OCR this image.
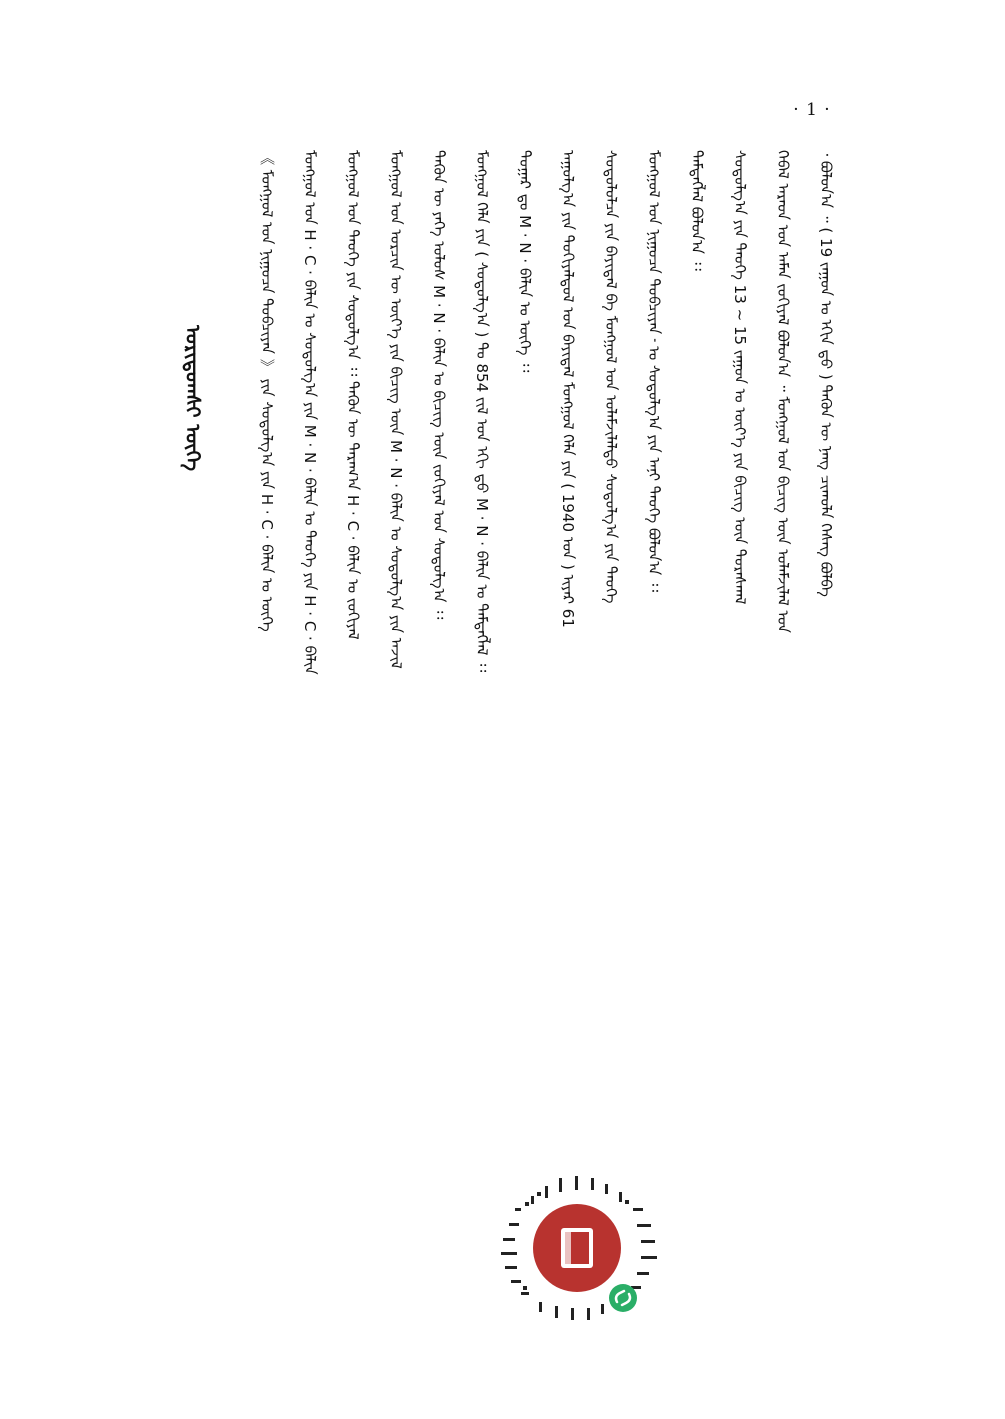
· 1 ·
ᠤᠷᠢᠳᠤᠭᠰᠢ ᠦᠭᠡ	《 ᠮᠣᠩᠭᠣᠯ ᠤᠨ ᠨᠢᠭᠤᠴᠠ ᠲᠣᠪᠴᠢᠶᠠᠨ 》 ᠶᠢᠨ ᠰᠤᠳᠤᠯᠭ᠎ᠠ ᠶᠢᠨ H · C · ᠪᠠᠯᠢᠨ ᠤ ᠦᠭᠡ	ᠮᠣᠩᠭᠣᠯ ᠤᠨ H · C · ᠪᠠᠯᠢᠨ ᠤ ᠰᠤᠳᠤᠯᠭ᠎ᠠ ᠶᠢᠨ M · N · ᠪᠠᠯᠢᠨ ᠤ ᠲᠡᠦᠬᠡ ᠶᠢᠨ H · C · ᠪᠠᠯᠢᠨ	ᠮᠣᠩᠭᠣᠯ ᠤᠨ ᠲᠡᠦᠬᠡ ᠶᠢᠨ ᠰᠤᠳᠤᠯᠭ᠎ᠠ ᠄᠄ ᠲᠡᠭᠦᠨ ᠦ ᠳᠠᠷᠠᠭ᠎ᠠ H · C · ᠪᠠᠯᠢᠨ ᠤ ᠵᠣᠬᠢᠶᠠᠯ	ᠮᠣᠩᠭᠣᠯ ᠤᠨ ᠣᠷᠴᠢᠨ ᠦ ᠦᠶ᠎ᠡ ᠶᠢᠨ ᠪᠢᠴᠢᠭ᠌ ᠦᠨ M · N · ᠪᠠᠯᠢᠨ ᠤ ᠰᠤᠳᠤᠯᠭ᠎ᠠ ᠶᠢᠨ ᠠᠵᠢᠯ	ᠲᠡᠭᠦᠨ ᠦ ᠶᠡᠬᠡ ᠤᠯᠤᠰ M · N · ᠪᠠᠯᠢᠨ ᠤ ᠪᠢᠴᠢᠭ᠌ ᠦᠨ ᠵᠣᠬᠢᠶᠠᠯ ᠤᠨ ᠰᠤᠳᠤᠯᠭ᠎ᠠ ᠄᠄	ᠮᠣᠩᠭᠣᠯ ᠬᠡᠯᠡ ᠶᠢᠨ ( ᠰᠤᠳᠤᠯᠭ᠎ᠠ ) ᠲᠤ 854 ᠵᠢᠯ ᠤᠨ ᠡᠬᠢ ᠳ᠋ᠦ M · N · ᠪᠠᠯᠢᠨ ᠤ ᠲᠡᠮᠳᠡᠭᠯᠡᠯ ᠄᠄	ᠳᠤᠭᠠᠷ ᠳᠤ M · N · ᠪᠠᠯᠢᠨ ᠤ ᠦᠭᠡ ᠄᠄	ᠠᠭᠤᠯᠭ᠎ᠠ ᠶᠢᠨ ᠲᠣᠬᠢᠶᠠᠯᠳᠤᠯ ᠤᠨ ᠪᠠᠶᠢᠳᠠᠯ ᠮᠣᠩᠭᠣᠯ ᠬᠡᠯᠡ ᠶᠢᠨ ( 1940 ᠣᠨ ) ᠢᠶᠠᠷ 61	ᠰᠤᠳᠤᠯᠤᠯᠴᠠ ᠶᠢᠨ ᠪᠠᠶᠢᠳᠠᠯ ᠪᠠ ᠮᠣᠩᠭᠣᠯ ᠤᠨ ᠤᠯᠠᠮᠵᠢᠯᠠᠯᠲᠤ ᠰᠤᠳᠤᠯᠭ᠎ᠠ ᠶᠢᠨ ᠲᠡᠦᠬᠡ	ᠮᠣᠩᠭᠣᠯ ᠤᠨ ᠨᠢᠭᠤᠴᠠ ᠲᠣᠪᠴᠢᠶᠠᠨ ᠊ ᠤ ᠰᠤᠳᠤᠯᠭ᠎ᠠ ᠶᠢᠨ ᠠᠨᠢ ᠲᠡᠦᠬᠡ ᠪᠣᠯᠤᠨ᠎ᠠ ᠄᠄	ᠲᠡᠮᠳᠡᠭᠯᠡᠯ ᠪᠣᠯᠤᠨ᠎ᠠ ᠄᠄	ᠰᠤᠳᠤᠯᠭ᠎ᠠ ᠶᠢᠨ ᠲᠡᠦᠬᠡ 13 ~ 15 ᠵᠠᠭᠤᠨ ᠤ ᠦᠶ᠎ᠡ ᠶᠢᠨ ᠪᠢᠴᠢᠭ᠌ ᠦᠨ ᠳᠤᠷᠠᠰᠬᠠᠯ	ᠭᠡᠪᠡᠯ ᠠᠷᠠᠳ ᠤᠨ ᠠᠮᠠᠨ ᠵᠣᠬᠢᠶᠠᠯ ᠪᠣᠯᠤᠨ᠎ᠠ ᠃ ᠮᠣᠩᠭᠣᠯ ᠤᠨ ᠪᠢᠴᠢᠭ᠌ ᠦᠨ ᠤᠯᠠᠮᠵᠢᠯᠠᠯ ᠤᠨ	᠂ ᠪᠣᠯᠤᠨ᠎ᠠ ᠃ ( 19 ᠵᠠᠭᠤᠨ ᠤ ᠡᠬᠢᠨ ᠳ᠋ᠦ ) ᠲᠡᠭᠦᠨ ᠦ ᠨᠡᠩ ᠴᠢᠬᠤᠯᠠ ᠬᠡᠰᠡᠭ ᠪᠣᠯᠪᠠ
